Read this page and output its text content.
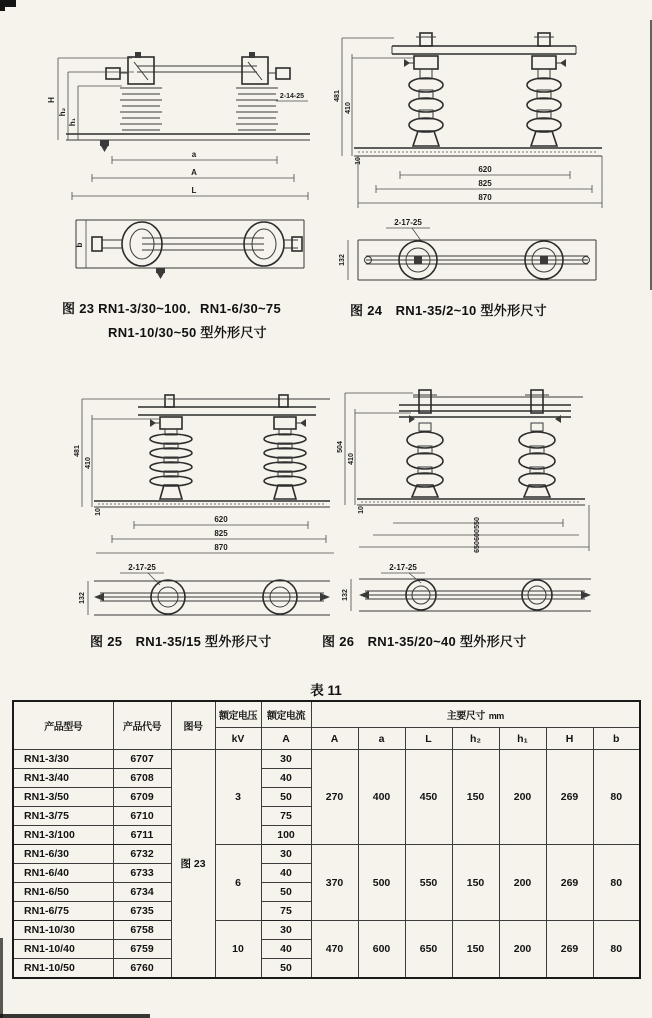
H
h₂
h₁
2-14-25
a
A
L
b
481
410
10
620
825
870
2-17-25
132
图 23 RN1-3/30~100．RN1-6/30~75
RN1-10/30~50 型外形尺寸
图 24　RN1-35/2~10 型外形尺寸
481
410
10
620
825
870
2-17-25
132
504
410
10
550
600
650
2-17-25
132
图 25　RN1-35/15 型外形尺寸	图 26　RN1-35/20~40 型外形尺寸
表 11
产品型号	产品代号	图号	额定电压	额定电流	主要尺寸 mm						
			kV	A	A	a	L	h₂	h₁	H	b
RN1-3/30	6707	图 23	3	30	270	400	450	150	200	269	80
RN1-3/40	6708			40							
RN1-3/50	6709			50							
RN1-3/75	6710			75							
RN1-3/100	6711			100							
RN1-6/30	6732		6	30	370	500	550	150	200	269	80
RN1-6/40	6733			40							
RN1-6/50	6734			50							
RN1-6/75	6735			75							
RN1-10/30	6758		10	30	470	600	650	150	200	269	80
RN1-10/40	6759			40							
RN1-10/50	6760			50							
